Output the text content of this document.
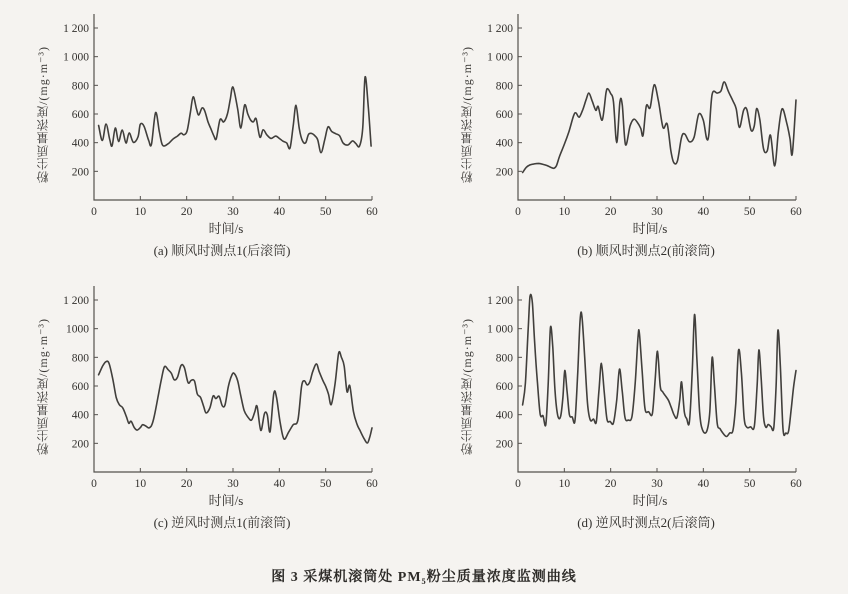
粉尘质量浓度/(mg·m⁻³) 200
400
600
800
1 000
1 200
0	10	20	30	40	50	60
时间/s
(a) 顺风时测点1(后滚筒)
粉尘质量浓度/(mg·m⁻³) 200
400
600
800
1 000
1 200
0	10	20	30	40	50	60
时间/s
(b) 顺风时测点2(前滚筒)
粉尘质量浓度/(mg·m⁻³) 200
400
600
800
1000
1 200
0	10	20	30	40	50	60
时间/s
(c) 逆风时测点1(前滚筒)
粉尘质量浓度/(mg·m⁻³) 200
400
600
800
1 000
1 200
0	10	20	30	40	50	60
时间/s
(d) 逆风时测点2(后滚筒)
图 3 采煤机滚筒处 PM₅粉尘质量浓度监测曲线
